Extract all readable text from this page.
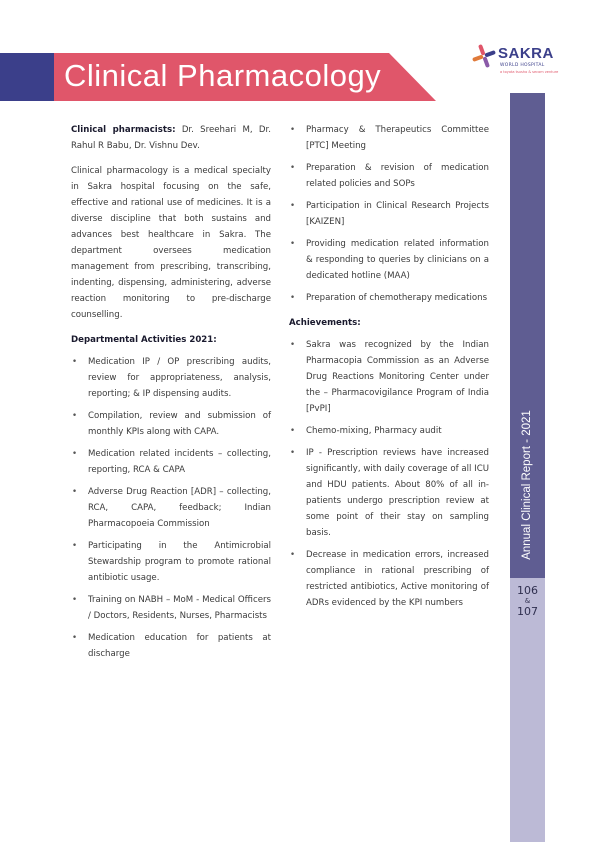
Clinical Pharmacology
SAKRA
WORLD HOSPITAL
a toyota tsusho & secom venture
Annual Clinical Report - 2021
106
&
107

Clinical pharmacists: Dr. Sreehari M, Dr. Rahul R Babu, Dr. Vishnu Dev.

Clinical pharmacology is a medical specialty in Sakra hospital focusing on the safe, effective and rational use of medicines. It is a diverse discipline that both sustains and advances best healthcare in Sakra. The department oversees medication management from prescribing, transcribing, indenting, dispensing, administering, adverse reaction monitoring to pre-discharge counselling.

Departmental Activities 2021:
• Medication IP / OP prescribing audits, review for appropriateness, analysis, reporting; & IP dispensing audits.
• Compilation, review and submission of monthly KPIs along with CAPA.
• Medication related incidents – collecting, reporting, RCA & CAPA
• Adverse Drug Reaction [ADR] – collecting, RCA, CAPA, feedback; Indian Pharmacopoeia Commission
• Participating in the Antimicrobial Stewardship program to promote rational antibiotic usage.
• Training on NABH – MoM - Medical Officers / Doctors, Residents, Nurses, Pharmacists
• Medication education for patients at discharge
• Pharmacy & Therapeutics Committee [PTC] Meeting
• Preparation & revision of medication related policies and SOPs
• Participation in Clinical Research Projects [KAIZEN]
• Providing medication related information & responding to queries by clinicians on a dedicated hotline (MAA)
• Preparation of chemotherapy medications
Achievements:
• Sakra was recognized by the Indian Pharmacopia Commission as an Adverse Drug Reactions Monitoring Center under the – Pharmacovigilance Program of India [PvPI]
• Chemo-mixing, Pharmacy audit
• IP - Prescription reviews have increased significantly, with daily coverage of all ICU and HDU patients. About 80% of all in-patients undergo prescription review at some point of their stay on sampling basis.
• Decrease in medication errors, increased compliance in rational prescribing of restricted antibiotics, Active monitoring of ADRs evidenced by the KPI numbers
